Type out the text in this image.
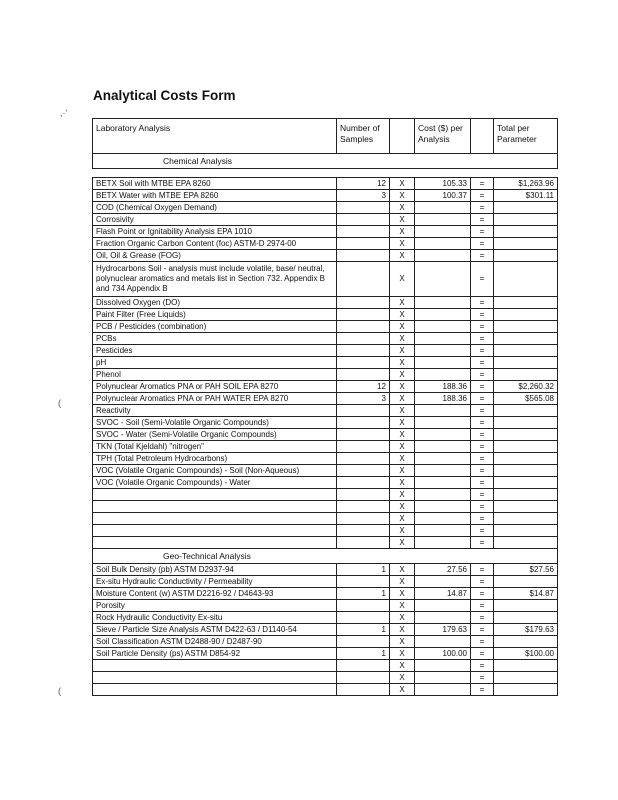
Analytical Costs Form
Laboratory Analysis	Number of Samples		Cost ($) per Analysis		Total per Parameter
Chemical Analysis					

BETX Soil with MTBE EPA 8260	12	X	105.33	=	$1,263.96
BETX Water with MTBE EPA 8260	3	X	100.37	=	$301.11
COD (Chemical Oxygen Demand)		X		=	
Corrosivity		X		=	
Flash Point or Ignitability Analysis EPA 1010		X		=	
Fraction Organic Carbon Content (foc) ASTM-D 2974-00		X		=	
Oil, Oil & Grease (FOG)		X		=	
Hydrocarbons Soil - analysis must include volatile, base/ neutral, polynuclear aromatics and metals list in Section 732. Appendix B and 734 Appendix B		X		=	
Dissolved Oxygen (DO)		X		=	
Paint Filter (Free Liquids)		X		=	
PCB / Pesticides (combination)		X		=	
PCBs		X		=	
Pesticides		X		=	
pH		X		=	
Phenol		X		=	
Polynuclear Aromatics PNA or PAH SOIL EPA 8270	12	X	188.36	=	$2,260.32
Polynuclear Aromatics PNA or PAH WATER EPA 8270	3	X	188.36	=	$565.08
Reactivity		X		=	
SVOC - Soil (Semi-Volatile Organic Compounds)		X		=	
SVOC - Water (Semi-Volatile Organic Compounds)		X		=	
TKN (Total Kjeldahl) "nitrogen"		X		=	
TPH (Total Petroleum Hydrocarbons)		X		=	
VOC (Volatile Organic Compounds) - Soil (Non-Aqueous)		X		=	
VOC (Volatile Organic Compounds) - Water		X		=	
		X		=	
		X		=	
		X		=	
		X		=	
		X		=	
Geo-Technical Analysis					
Soil Bulk Density (pb) ASTM D2937-94	1	X	27.56	=	$27.56
Ex-situ Hydraulic Conductivity / Permeability		X		=	
Moisture Content (w) ASTM D2216-92 / D4643-93	1	X	14.87	=	$14.87
Porosity		X		=	
Rock Hydraulic Conductivity Ex-situ		X		=	
Sieve / Particle Size Analysis ASTM D422-63 / D1140-54	1	X	179.63	=	$179.63
Soil Classification ASTM D2488-90 / D2487-90		X		=	
Soil Particle Density (ps) ASTM D854-92	1	X	100.00	=	$100.00
		X		=	
		X		=	
		X		=	
,·'
(
(
